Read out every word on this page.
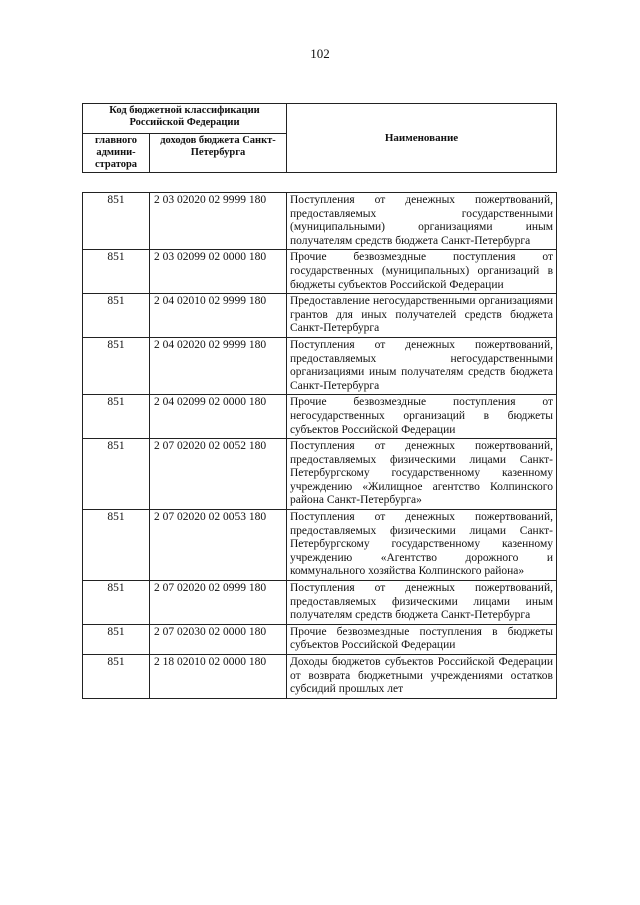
102
Код бюджетной классификации Российской Федерации		Наименование
главного админи-стратора	доходов бюджета Санкт-Петербурга	
851	2 03 02020 02 9999 180	Поступления от денежных пожертвований, предоставляемых государственными (муниципальными) организациями иным получателям средств бюджета Санкт-Петербурга
851	2 03 02099 02 0000 180	Прочие безвозмездные поступления от государственных (муниципальных) организаций в бюджеты субъектов Российской Федерации
851	2 04 02010 02 9999 180	Предоставление негосударственными организациями грантов для иных получателей средств бюджета Санкт-Петербурга
851	2 04 02020 02 9999 180	Поступления от денежных пожертвований, предоставляемых негосударственными организациями иным получателям средств бюджета Санкт-Петербурга
851	2 04 02099 02 0000 180	Прочие безвозмездные поступления от негосударственных организаций в бюджеты субъектов Российской Федерации
851	2 07 02020 02 0052 180	Поступления от денежных пожертвований, предоставляемых физическими лицами Санкт-Петербургскому государственному казенному учреждению «Жилищное агентство Колпинского района Санкт-Петербурга»
851	2 07 02020 02 0053 180	Поступления от денежных пожертвований, предоставляемых физическими лицами Санкт-Петербургскому государственному казенному учреждению «Агентство дорожного и коммунального хозяйства Колпинского района»
851	2 07 02020 02 0999 180	Поступления от денежных пожертвований, предоставляемых физическими лицами иным получателям средств бюджета Санкт-Петербурга
851	2 07 02030 02 0000 180	Прочие безвозмездные поступления в бюджеты субъектов Российской Федерации
851	2 18 02010 02 0000 180	Доходы бюджетов субъектов Российской Федерации от возврата бюджетными учреждениями остатков субсидий прошлых лет
